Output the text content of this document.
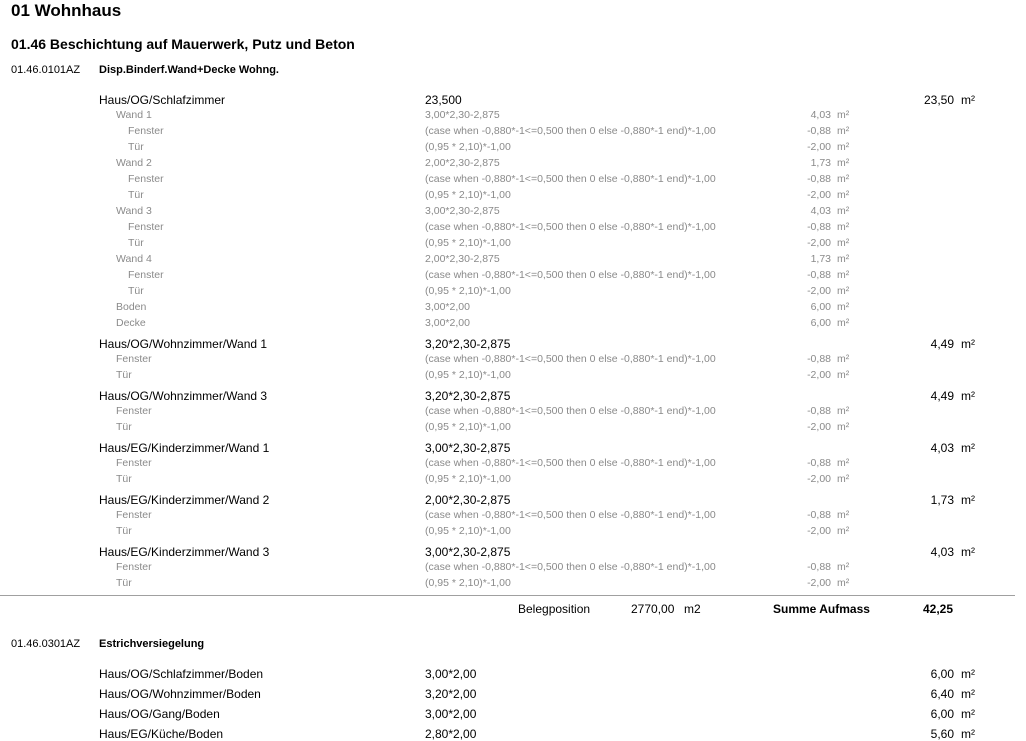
01 Wohnhaus
01.46 Beschichtung auf Mauerwerk, Putz und Beton
01.46.0101AZ Disp.Binderf.Wand+Decke Wohng.
Haus/OG/Schlafzimmer	23,500	23,50 m²
Wand 1	3,00*2,30-2,875	4,03 m²
Fenster	(case when -0,880*-1<=0,500 then 0 else -0,880*-1 end)*-1,00	-0,88 m²
Tür	(0,95 * 2,10)*-1,00	-2,00 m²
Wand 2	2,00*2,30-2,875	1,73 m²
Fenster	(case when -0,880*-1<=0,500 then 0 else -0,880*-1 end)*-1,00	-0,88 m²
Tür	(0,95 * 2,10)*-1,00	-2,00 m²
Wand 3	3,00*2,30-2,875	4,03 m²
Fenster	(case when -0,880*-1<=0,500 then 0 else -0,880*-1 end)*-1,00	-0,88 m²
Tür	(0,95 * 2,10)*-1,00	-2,00 m²
Wand 4	2,00*2,30-2,875	1,73 m²
Fenster	(case when -0,880*-1<=0,500 then 0 else -0,880*-1 end)*-1,00	-0,88 m²
Tür	(0,95 * 2,10)*-1,00	-2,00 m²
Boden	3,00*2,00	6,00 m²
Decke	3,00*2,00	6,00 m²
Haus/OG/Wohnzimmer/Wand 1	3,20*2,30-2,875	4,49 m²
Fenster	(case when -0,880*-1<=0,500 then 0 else -0,880*-1 end)*-1,00	-0,88 m²
Tür	(0,95 * 2,10)*-1,00	-2,00 m²
Haus/OG/Wohnzimmer/Wand 3	3,20*2,30-2,875	4,49 m²
Fenster	(case when -0,880*-1<=0,500 then 0 else -0,880*-1 end)*-1,00	-0,88 m²
Tür	(0,95 * 2,10)*-1,00	-2,00 m²
Haus/EG/Kinderzimmer/Wand 1	3,00*2,30-2,875	4,03 m²
Fenster	(case when -0,880*-1<=0,500 then 0 else -0,880*-1 end)*-1,00	-0,88 m²
Tür	(0,95 * 2,10)*-1,00	-2,00 m²
Haus/EG/Kinderzimmer/Wand 2	2,00*2,30-2,875	1,73 m²
Fenster	(case when -0,880*-1<=0,500 then 0 else -0,880*-1 end)*-1,00	-0,88 m²
Tür	(0,95 * 2,10)*-1,00	-2,00 m²
Haus/EG/Kinderzimmer/Wand 3	3,00*2,30-2,875	4,03 m²
Fenster	(case when -0,880*-1<=0,500 then 0 else -0,880*-1 end)*-1,00	-0,88 m²
Tür	(0,95 * 2,10)*-1,00	-2,00 m²
Belegposition	2770,00 m2	Summe Aufmass	42,25
01.46.0301AZ Estrichversiegelung
Haus/OG/Schlafzimmer/Boden	3,00*2,00	6,00 m²
Haus/OG/Wohnzimmer/Boden	3,20*2,00	6,40 m²
Haus/OG/Gang/Boden	3,00*2,00	6,00 m²
Haus/EG/Küche/Boden	2,80*2,00	5,60 m²
